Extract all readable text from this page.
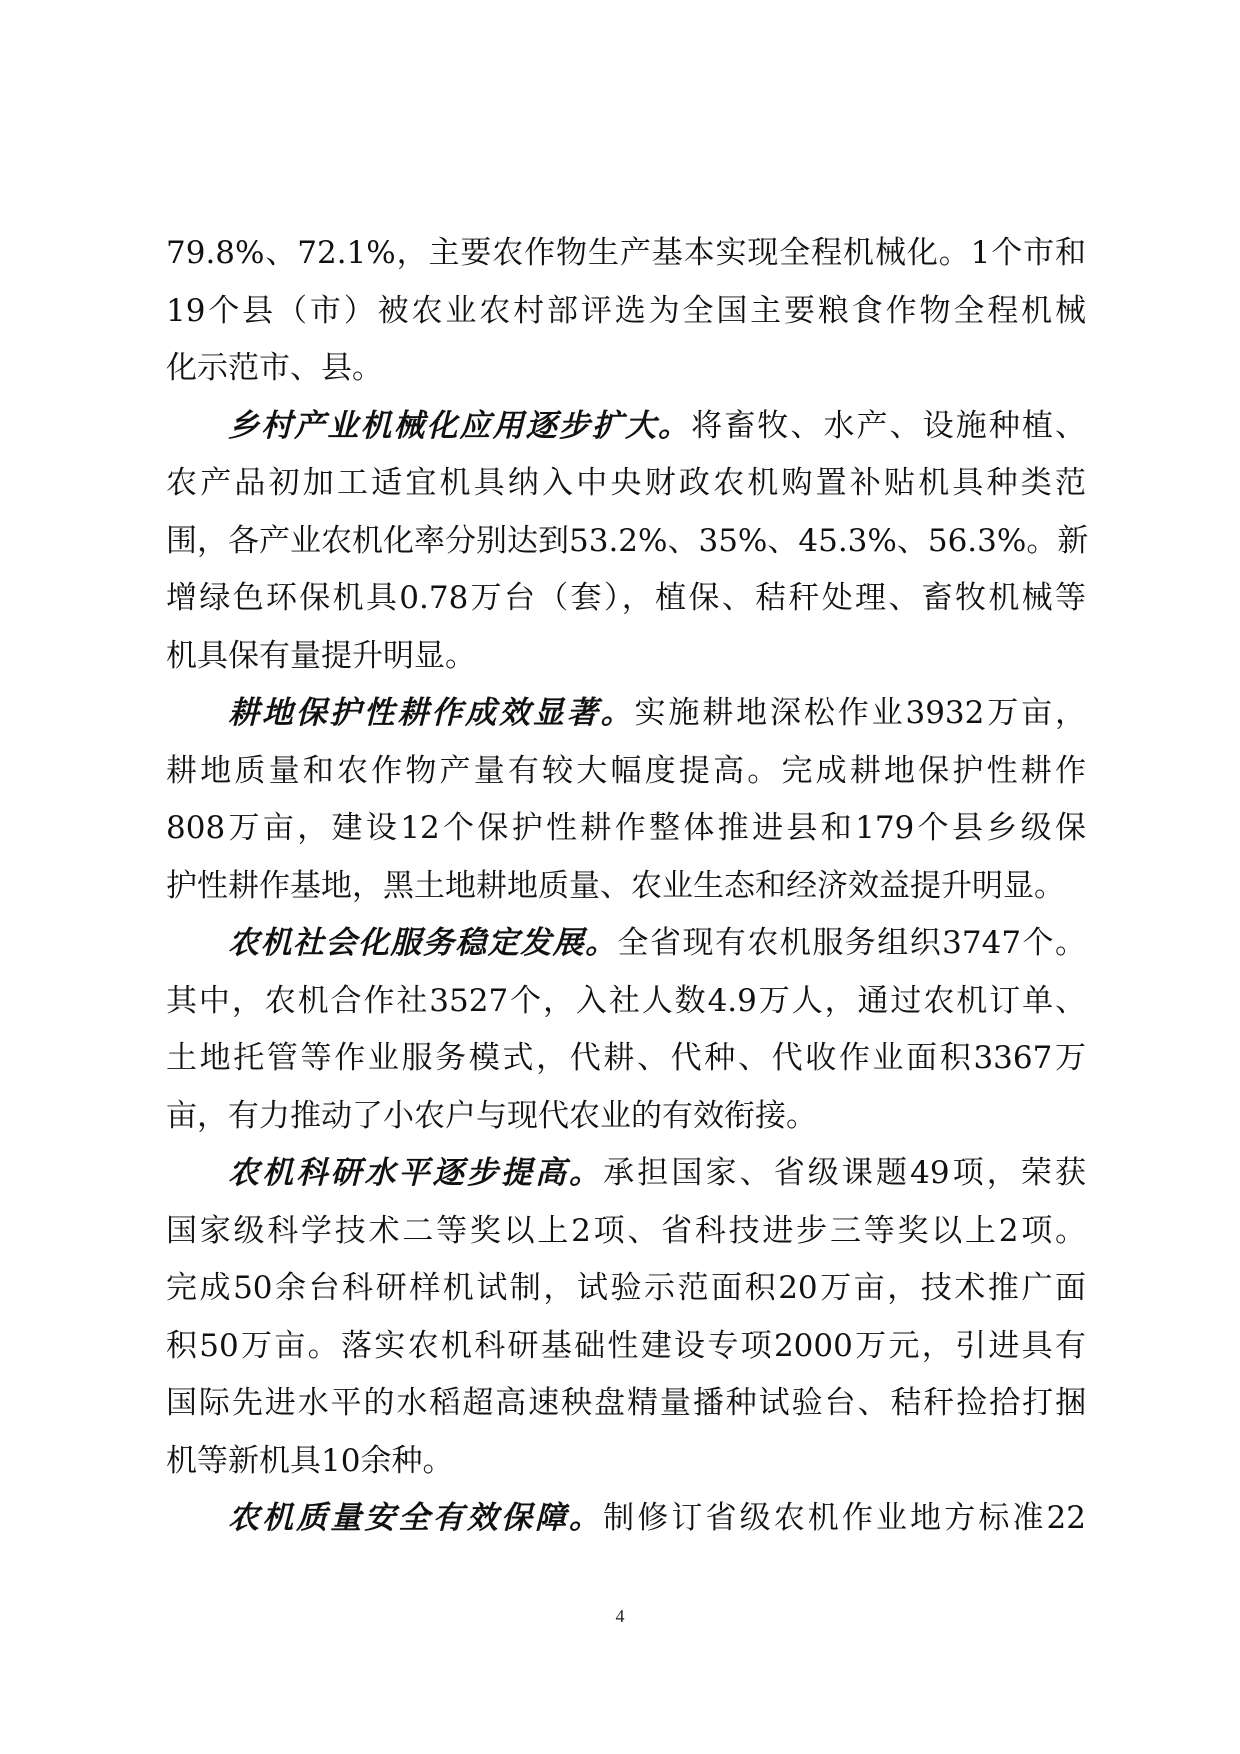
79.8%、72.1%，主要农作物生产基本实现全程机械化。1个市和
19个县（市）被农业农村部评选为全国主要粮食作物全程机械
化示范市、县。
乡村产业机械化应用逐步扩大。将畜牧、水产、设施种植、
农产品初加工适宜机具纳入中央财政农机购置补贴机具种类范
围，各产业农机化率分别达到53.2%、35%、45.3%、56.3%。新
增绿色环保机具0.78万台（套），植保、秸秆处理、畜牧机械等
机具保有量提升明显。
耕地保护性耕作成效显著。实施耕地深松作业3932万亩，
耕地质量和农作物产量有较大幅度提高。完成耕地保护性耕作
808万亩，建设12个保护性耕作整体推进县和179个县乡级保
护性耕作基地，黑土地耕地质量、农业生态和经济效益提升明显。
农机社会化服务稳定发展。全省现有农机服务组织3747个。
其中，农机合作社3527个，入社人数4.9万人，通过农机订单、
土地托管等作业服务模式，代耕、代种、代收作业面积3367万
亩，有力推动了小农户与现代农业的有效衔接。
农机科研水平逐步提高。承担国家、省级课题49项，荣获
国家级科学技术二等奖以上2项、省科技进步三等奖以上2项。
完成50余台科研样机试制，试验示范面积20万亩，技术推广面
积50万亩。落实农机科研基础性建设专项2000万元，引进具有
国际先进水平的水稻超高速秧盘精量播种试验台、秸秆捡拾打捆
机等新机具10余种。
农机质量安全有效保障。制修订省级农机作业地方标准22
4
